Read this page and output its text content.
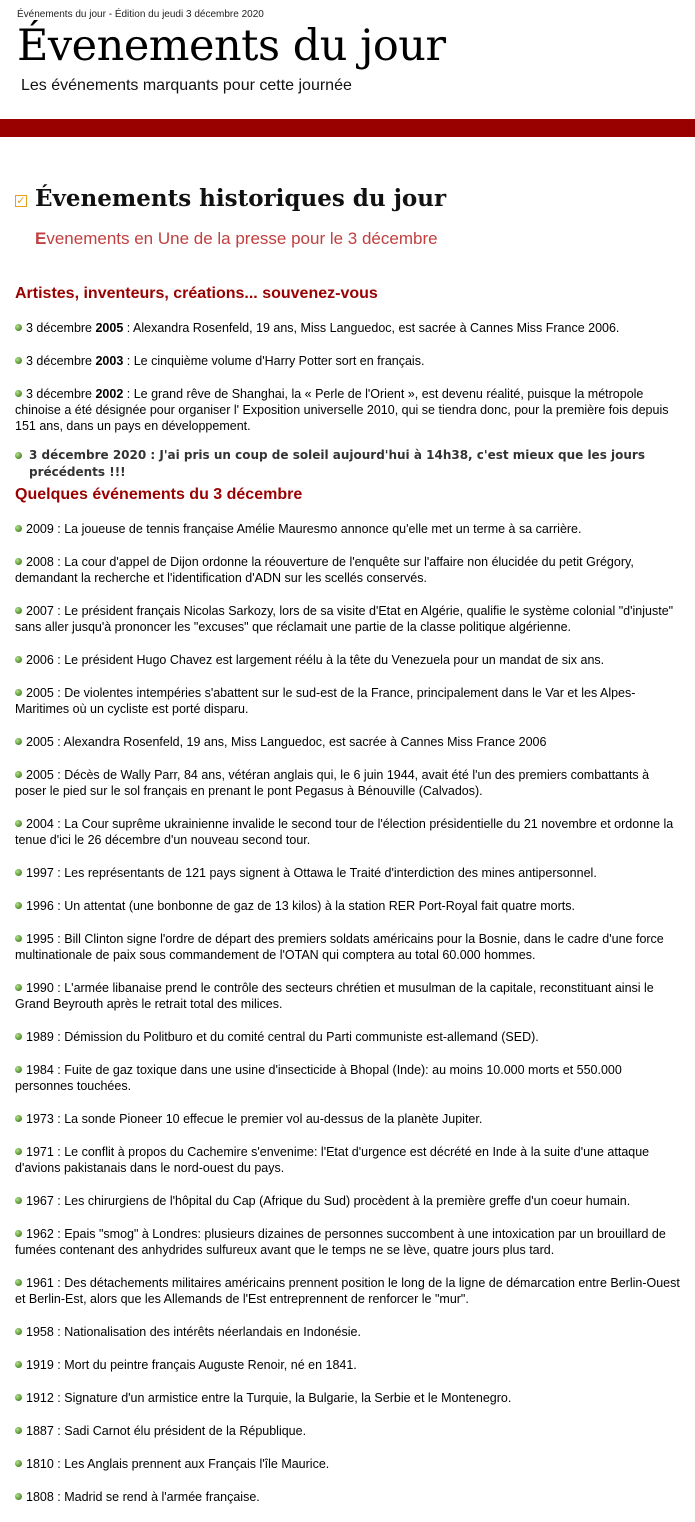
Événements du jour - Édition du jeudi 3 décembre 2020
Évenements du jour
Les événements marquants pour cette journée
✓ Évenements historiques du jour
Evenements en Une de la presse pour le 3 décembre
Artistes, inventeurs, créations... souvenez-vous
3 décembre 2005 : Alexandra Rosenfeld, 19 ans, Miss Languedoc, est sacrée à Cannes Miss France 2006.
3 décembre 2003 : Le cinquième volume d'Harry Potter sort en français.
3 décembre 2002 : Le grand rêve de Shanghai, la « Perle de l'Orient », est devenu réalité, puisque la métropole chinoise a été désignée pour organiser l' Exposition universelle 2010, qui se tiendra donc, pour la première fois depuis 151 ans, dans un pays en développement.
3 décembre 2020 : J'ai pris un coup de soleil aujourd'hui à 14h38, c'est mieux que les jours précédents !!!
Quelques événements du 3 décembre
2009 : La joueuse de tennis française Amélie Mauresmo annonce qu'elle met un terme à sa carrière.
2008 : La cour d'appel de Dijon ordonne la réouverture de l'enquête sur l'affaire non élucidée du petit Grégory, demandant la recherche et l'identification d'ADN sur les scellés conservés.
2007 : Le président français Nicolas Sarkozy, lors de sa visite d'Etat en Algérie, qualifie le système colonial "d'injuste" sans aller jusqu'à prononcer les "excuses" que réclamait une partie de la classe politique algérienne.
2006 : Le président Hugo Chavez est largement réélu à la tête du Venezuela pour un mandat de six ans.
2005 : De violentes intempéries s'abattent sur le sud-est de la France, principalement dans le Var et les Alpes-Maritimes où un cycliste est porté disparu.
2005 : Alexandra Rosenfeld, 19 ans, Miss Languedoc, est sacrée à Cannes Miss France 2006
2005 : Décès de Wally Parr, 84 ans, vétéran anglais qui, le 6 juin 1944, avait été l'un des premiers combattants à poser le pied sur le sol français en prenant le pont Pegasus à Bénouville (Calvados).
2004 : La Cour suprême ukrainienne invalide le second tour de l'élection présidentielle du 21 novembre et ordonne la tenue d'ici le 26 décembre d'un nouveau second tour.
1997 : Les représentants de 121 pays signent à Ottawa le Traité d'interdiction des mines antipersonnel.
1996 : Un attentat (une bonbonne de gaz de 13 kilos) à la station RER Port-Royal fait quatre morts.
1995 : Bill Clinton signe l'ordre de départ des premiers soldats américains pour la Bosnie, dans le cadre d'une force multinationale de paix sous commandement de l'OTAN qui comptera au total 60.000 hommes.
1990 : L'armée libanaise prend le contrôle des secteurs chrétien et musulman de la capitale, reconstituant ainsi le Grand Beyrouth après le retrait total des milices.
1989 : Démission du Politburo et du comité central du Parti communiste est-allemand (SED).
1984 : Fuite de gaz toxique dans une usine d'insecticide à Bhopal (Inde): au moins 10.000 morts et 550.000 personnes touchées.
1973 : La sonde Pioneer 10 effecue le premier vol au-dessus de la planète Jupiter.
1971 : Le conflit à propos du Cachemire s'envenime: l'Etat d'urgence est décrété en Inde à la suite d'une attaque d'avions pakistanais dans le nord-ouest du pays.
1967 : Les chirurgiens de l'hôpital du Cap (Afrique du Sud) procèdent à la première greffe d'un coeur humain.
1962 : Epais "smog" à Londres: plusieurs dizaines de personnes succombent à une intoxication par un brouillard de fumées contenant des anhydrides sulfureux avant que le temps ne se lève, quatre jours plus tard.
1961 : Des détachements militaires américains prennent position le long de la ligne de démarcation entre Berlin-Ouest et Berlin-Est, alors que les Allemands de l'Est entreprennent de renforcer le "mur".
1958 : Nationalisation des intérêts néerlandais en Indonésie.
1919 : Mort du peintre français Auguste Renoir, né en 1841.
1912 : Signature d'un armistice entre la Turquie, la Bulgarie, la Serbie et le Montenegro.
1887 : Sadi Carnot élu président de la République.
1810 : Les Anglais prennent aux Français l'île Maurice.
1808 : Madrid se rend à l'armée française.
